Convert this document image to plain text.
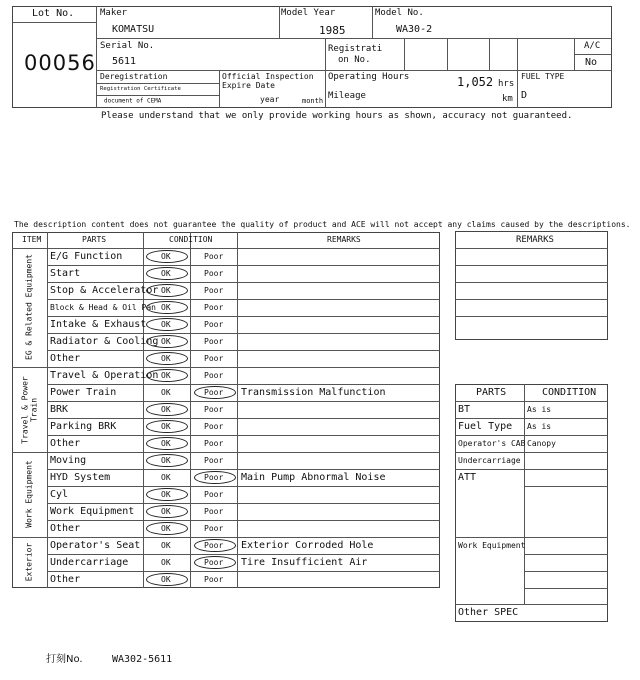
Lot No.
00056
Maker
KOMATSU
Model Year
1985
Model No.
WA30-2
Serial No.
5611
Registrati
on No.
A/C
No
Deregistration
Registration Certificate
document of CEMA
Official Inspection
Expire Date
year	month
Operating Hours	1,052 hrs
Mileage	km
FUEL TYPE
D
Please understand that we only provide working hours as shown, accuracy not guaranteed.
The description content does not guarantee the quality of product and ACE will not accept any claims caused by the descriptions.
ITEM	PARTS	CONDITION	REMARKS
EG & Related Equipment E/G Function	OK	Poor
Start	OK	Poor
Stop & Accelerator OK	Poor
Block & Head & Oil Pan OK	Poor
Intake & Exhaust OK	Poor
Radiator & Cooling OK	Poor
Other	OK	Poor
Travel & Power Train
Travel & Operation OK	Poor
Power Train	OK	Poor Transmission Malfunction
BRK	OK	Poor
Parking BRK	OK	Poor
Other	OK	Poor
Work Equipment Moving	OK	Poor
HYD System	OK	Poor Main Pump Abnormal Noise
Cyl	OK	Poor
Work Equipment	OK	Poor
Other	OK	Poor
Exterior Operator's Seat	OK	Poor Exterior Corroded Hole
Undercarriage	OK	Poor Tire Insufficient Air
Other	OK	Poor
REMARKS
PARTS	CONDITION
BT	As is
Fuel Type As is
Operator's CAB Canopy
Undercarriage
ATT
Work Equipment
Other SPEC
打刻No.	WA302-5611
